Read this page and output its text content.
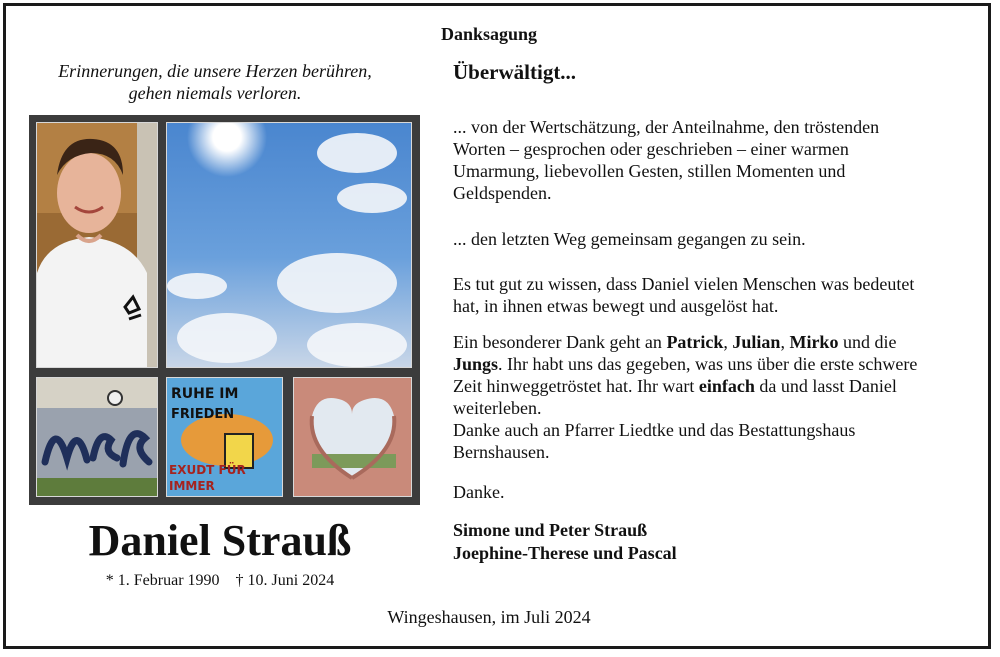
Danksagung
Erinnerungen, die unsere Herzen berühren,
gehen niemals verloren.
RUHE IM
FRIEDEN
EXUDT FÜR
IMMER
Daniel Strauß
* 1. Februar 1990 † 10. Juni 2024
Überwältigt...
... von der Wertschätzung, der Anteilnahme, den tröstenden
Worten – gesprochen oder geschrieben – einer warmen
Umarmung, liebevollen Gesten, stillen Momenten und
Geldspenden.
... den letzten Weg gemeinsam gegangen zu sein.
Es tut gut zu wissen, dass Daniel vielen Menschen was bedeutet
hat, in ihnen etwas bewegt und ausgelöst hat.
Ein besonderer Dank geht an Patrick, Julian, Mirko und die
Jungs. Ihr habt uns das gegeben, was uns über die erste schwere
Zeit hinweggetröstet hat. Ihr wart einfach da und lasst Daniel
weiterleben.
Danke auch an Pfarrer Liedtke und das Bestattungshaus
Bernshausen.
Danke.
Simone und Peter Strauß
Joephine-Therese und Pascal
Wingeshausen, im Juli 2024
